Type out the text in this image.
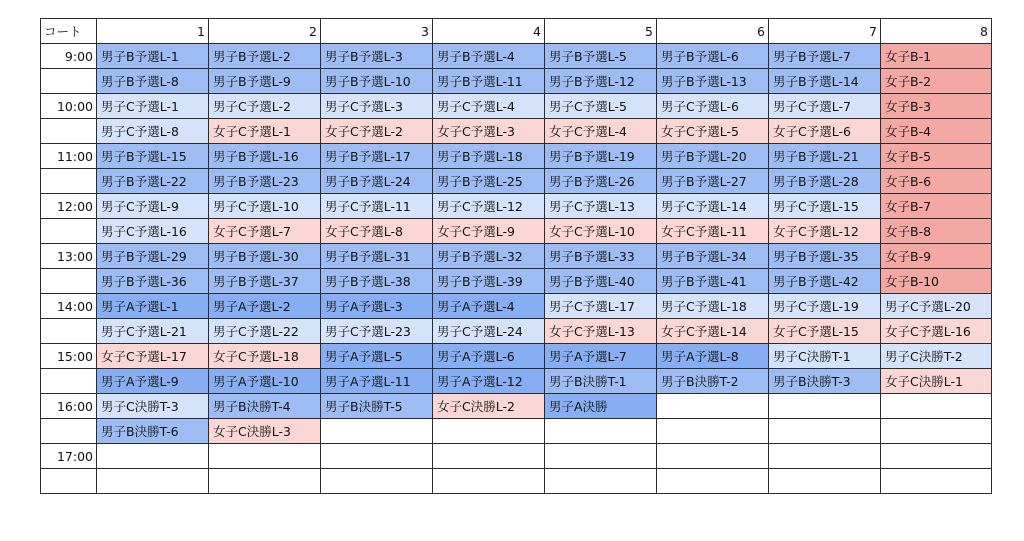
コート	1	2	3	4	5	6	7	8
9:00	男子B予選L-1	男子B予選L-2	男子B予選L-3	男子B予選L-4	男子B予選L-5	男子B予選L-6	男子B予選L-7	女子B-1
	男子B予選L-8	男子B予選L-9	男子B予選L-10	男子B予選L-11	男子B予選L-12	男子B予選L-13	男子B予選L-14	女子B-2
10:00	男子C予選L-1	男子C予選L-2	男子C予選L-3	男子C予選L-4	男子C予選L-5	男子C予選L-6	男子C予選L-7	女子B-3
	男子C予選L-8	女子C予選L-1	女子C予選L-2	女子C予選L-3	女子C予選L-4	女子C予選L-5	女子C予選L-6	女子B-4
11:00	男子B予選L-15	男子B予選L-16	男子B予選L-17	男子B予選L-18	男子B予選L-19	男子B予選L-20	男子B予選L-21	女子B-5
	男子B予選L-22	男子B予選L-23	男子B予選L-24	男子B予選L-25	男子B予選L-26	男子B予選L-27	男子B予選L-28	女子B-6
12:00	男子C予選L-9	男子C予選L-10	男子C予選L-11	男子C予選L-12	男子C予選L-13	男子C予選L-14	男子C予選L-15	女子B-7
	男子C予選L-16	女子C予選L-7	女子C予選L-8	女子C予選L-9	女子C予選L-10	女子C予選L-11	女子C予選L-12	女子B-8
13:00	男子B予選L-29	男子B予選L-30	男子B予選L-31	男子B予選L-32	男子B予選L-33	男子B予選L-34	男子B予選L-35	女子B-9
	男子B予選L-36	男子B予選L-37	男子B予選L-38	男子B予選L-39	男子B予選L-40	男子B予選L-41	男子B予選L-42	女子B-10
14:00	男子A予選L-1	男子A予選L-2	男子A予選L-3	男子A予選L-4	男子C予選L-17	男子C予選L-18	男子C予選L-19	男子C予選L-20
	男子C予選L-21	男子C予選L-22	男子C予選L-23	男子C予選L-24	女子C予選L-13	女子C予選L-14	女子C予選L-15	女子C予選L-16
15:00	女子C予選L-17	女子C予選L-18	男子A予選L-5	男子A予選L-6	男子A予選L-7	男子A予選L-8	男子C決勝T-1	男子C決勝T-2
	男子A予選L-9	男子A予選L-10	男子A予選L-11	男子A予選L-12	男子B決勝T-1	男子B決勝T-2	男子B決勝T-3	女子C決勝L-1
16:00	男子C決勝T-3	男子B決勝T-4	男子B決勝T-5	女子C決勝L-2	男子A決勝			
	男子B決勝T-6	女子C決勝L-3						
17:00								
